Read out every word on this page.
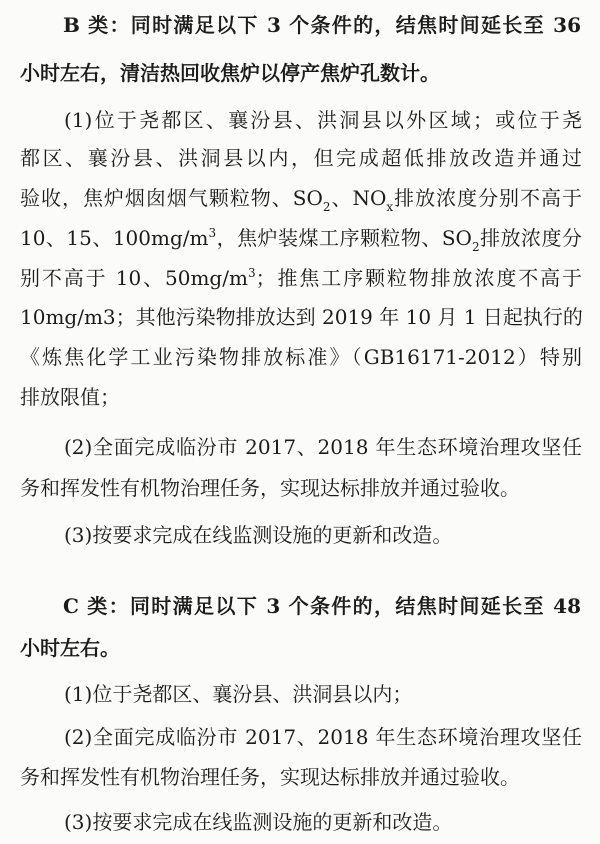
B 类：同时满足以下 3 个条件的，结焦时间延长至 36
小时左右，清洁热回收焦炉以停产焦炉孔数计。
(1)位于尧都区、襄汾县、洪洞县以外区域；或位于尧
都区、襄汾县、洪洞县以内，但完成超低排放改造并通过
验收，焦炉烟囱烟气颗粒物、$SO_2$、$NO_x$排放浓度分别不高于
10、15、$100mg/m^3$，焦炉装煤工序颗粒物、$SO_2$排放浓度分
别不高于 10、$50mg/m^3$；推焦工序颗粒物排放浓度不高于
10mg/m3；其他污染物排放达到 2019 年 10 月 1 日起执行的
《炼焦化学工业污染物排放标准》（GB16171-2012）特别
排放限值；
(2)全面完成临汾市 2017、2018 年生态环境治理攻坚任
务和挥发性有机物治理任务，实现达标排放并通过验收。
(3)按要求完成在线监测设施的更新和改造。
C 类：同时满足以下 3 个条件的，结焦时间延长至 48
小时左右。
(1)位于尧都区、襄汾县、洪洞县以内；
(2)全面完成临汾市 2017、2018 年生态环境治理攻坚任
务和挥发性有机物治理任务，实现达标排放并通过验收。
(3)按要求完成在线监测设施的更新和改造。
